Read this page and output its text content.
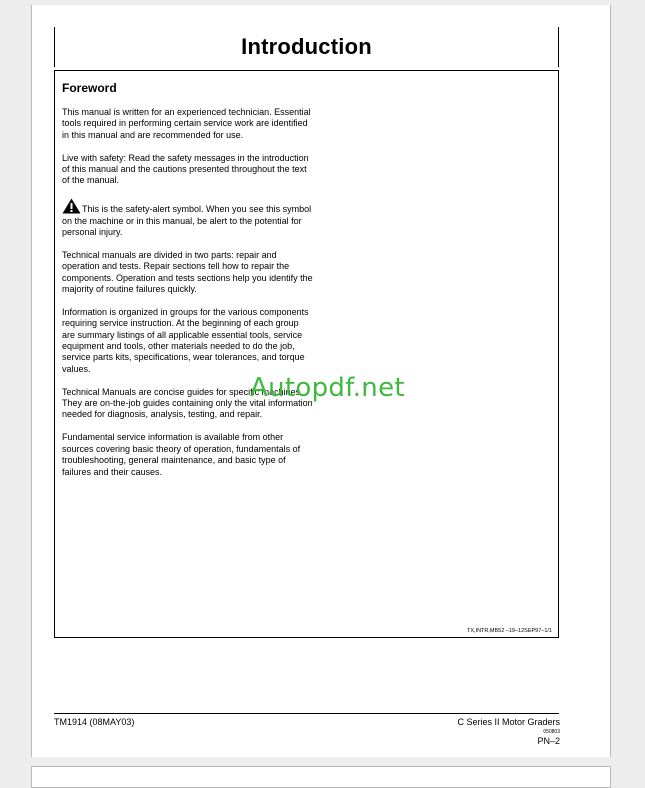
Introduction
Foreword

This manual is written for an experienced technician. Essential tools required in performing certain service work are identified in this manual and are recommended for use.

Live with safety: Read the safety messages in the introduction of this manual and the cautions presented throughout the text of the manual.

This is the safety-alert symbol. When you see this symbol on the machine or in this manual, be alert to the potential for personal injury.

Technical manuals are divided in two parts: repair and operation and tests. Repair sections tell how to repair the components. Operation and tests sections help you identify the majority of routine failures quickly.

Information is organized in groups for the various components requiring service instruction. At the beginning of each group are summary listings of all applicable essential tools, service equipment and tools, other materials needed to do the job, service parts kits, specifications, wear tolerances, and torque values.

Technical Manuals are concise guides for specific machines. They are on-the-job guides containing only the vital information needed for diagnosis, analysis, testing, and repair.

Fundamental service information is available from other sources covering basic theory of operation, fundamentals of troubleshooting, general maintenance, and basic type of failures and their causes.

TX,INTR,MB52 –19–12SEP97–1/1
Autopdf.net
TM1914 (08MAY03)	C Series II Motor Graders
050803
PN–2
